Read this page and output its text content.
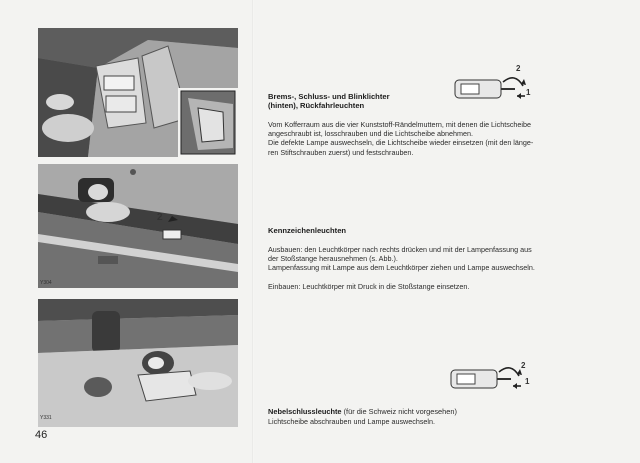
Y304
2
Y331
46
2
1
2
1
Brems-, Schluss- und Blinklichter
(hinten), Rückfahrleuchten
Vom Kofferraum aus die vier Kunststoff-Rändelmuttern, mit denen die Lichtscheibe
angeschraubt ist, losschrauben und die Lichtscheibe abnehmen.
Die defekte Lampe auswechseln, die Lichtscheibe wieder einsetzen (mit den länge-
ren Stiftschrauben zuerst) und festschrauben.
Kennzeichenleuchten
Ausbauen: den Leuchtkörper nach rechts drücken und mit der Lampenfassung aus
der Stoßstange herausnehmen (s. Abb.).
Lampenfassung mit Lampe aus dem Leuchtkörper ziehen und Lampe auswechseln.
Einbauen: Leuchtkörper mit Druck in die Stoßstange einsetzen.
Nebelschlussleuchte (für die Schweiz nicht vorgesehen)
Lichtscheibe abschrauben und Lampe auswechseln.
